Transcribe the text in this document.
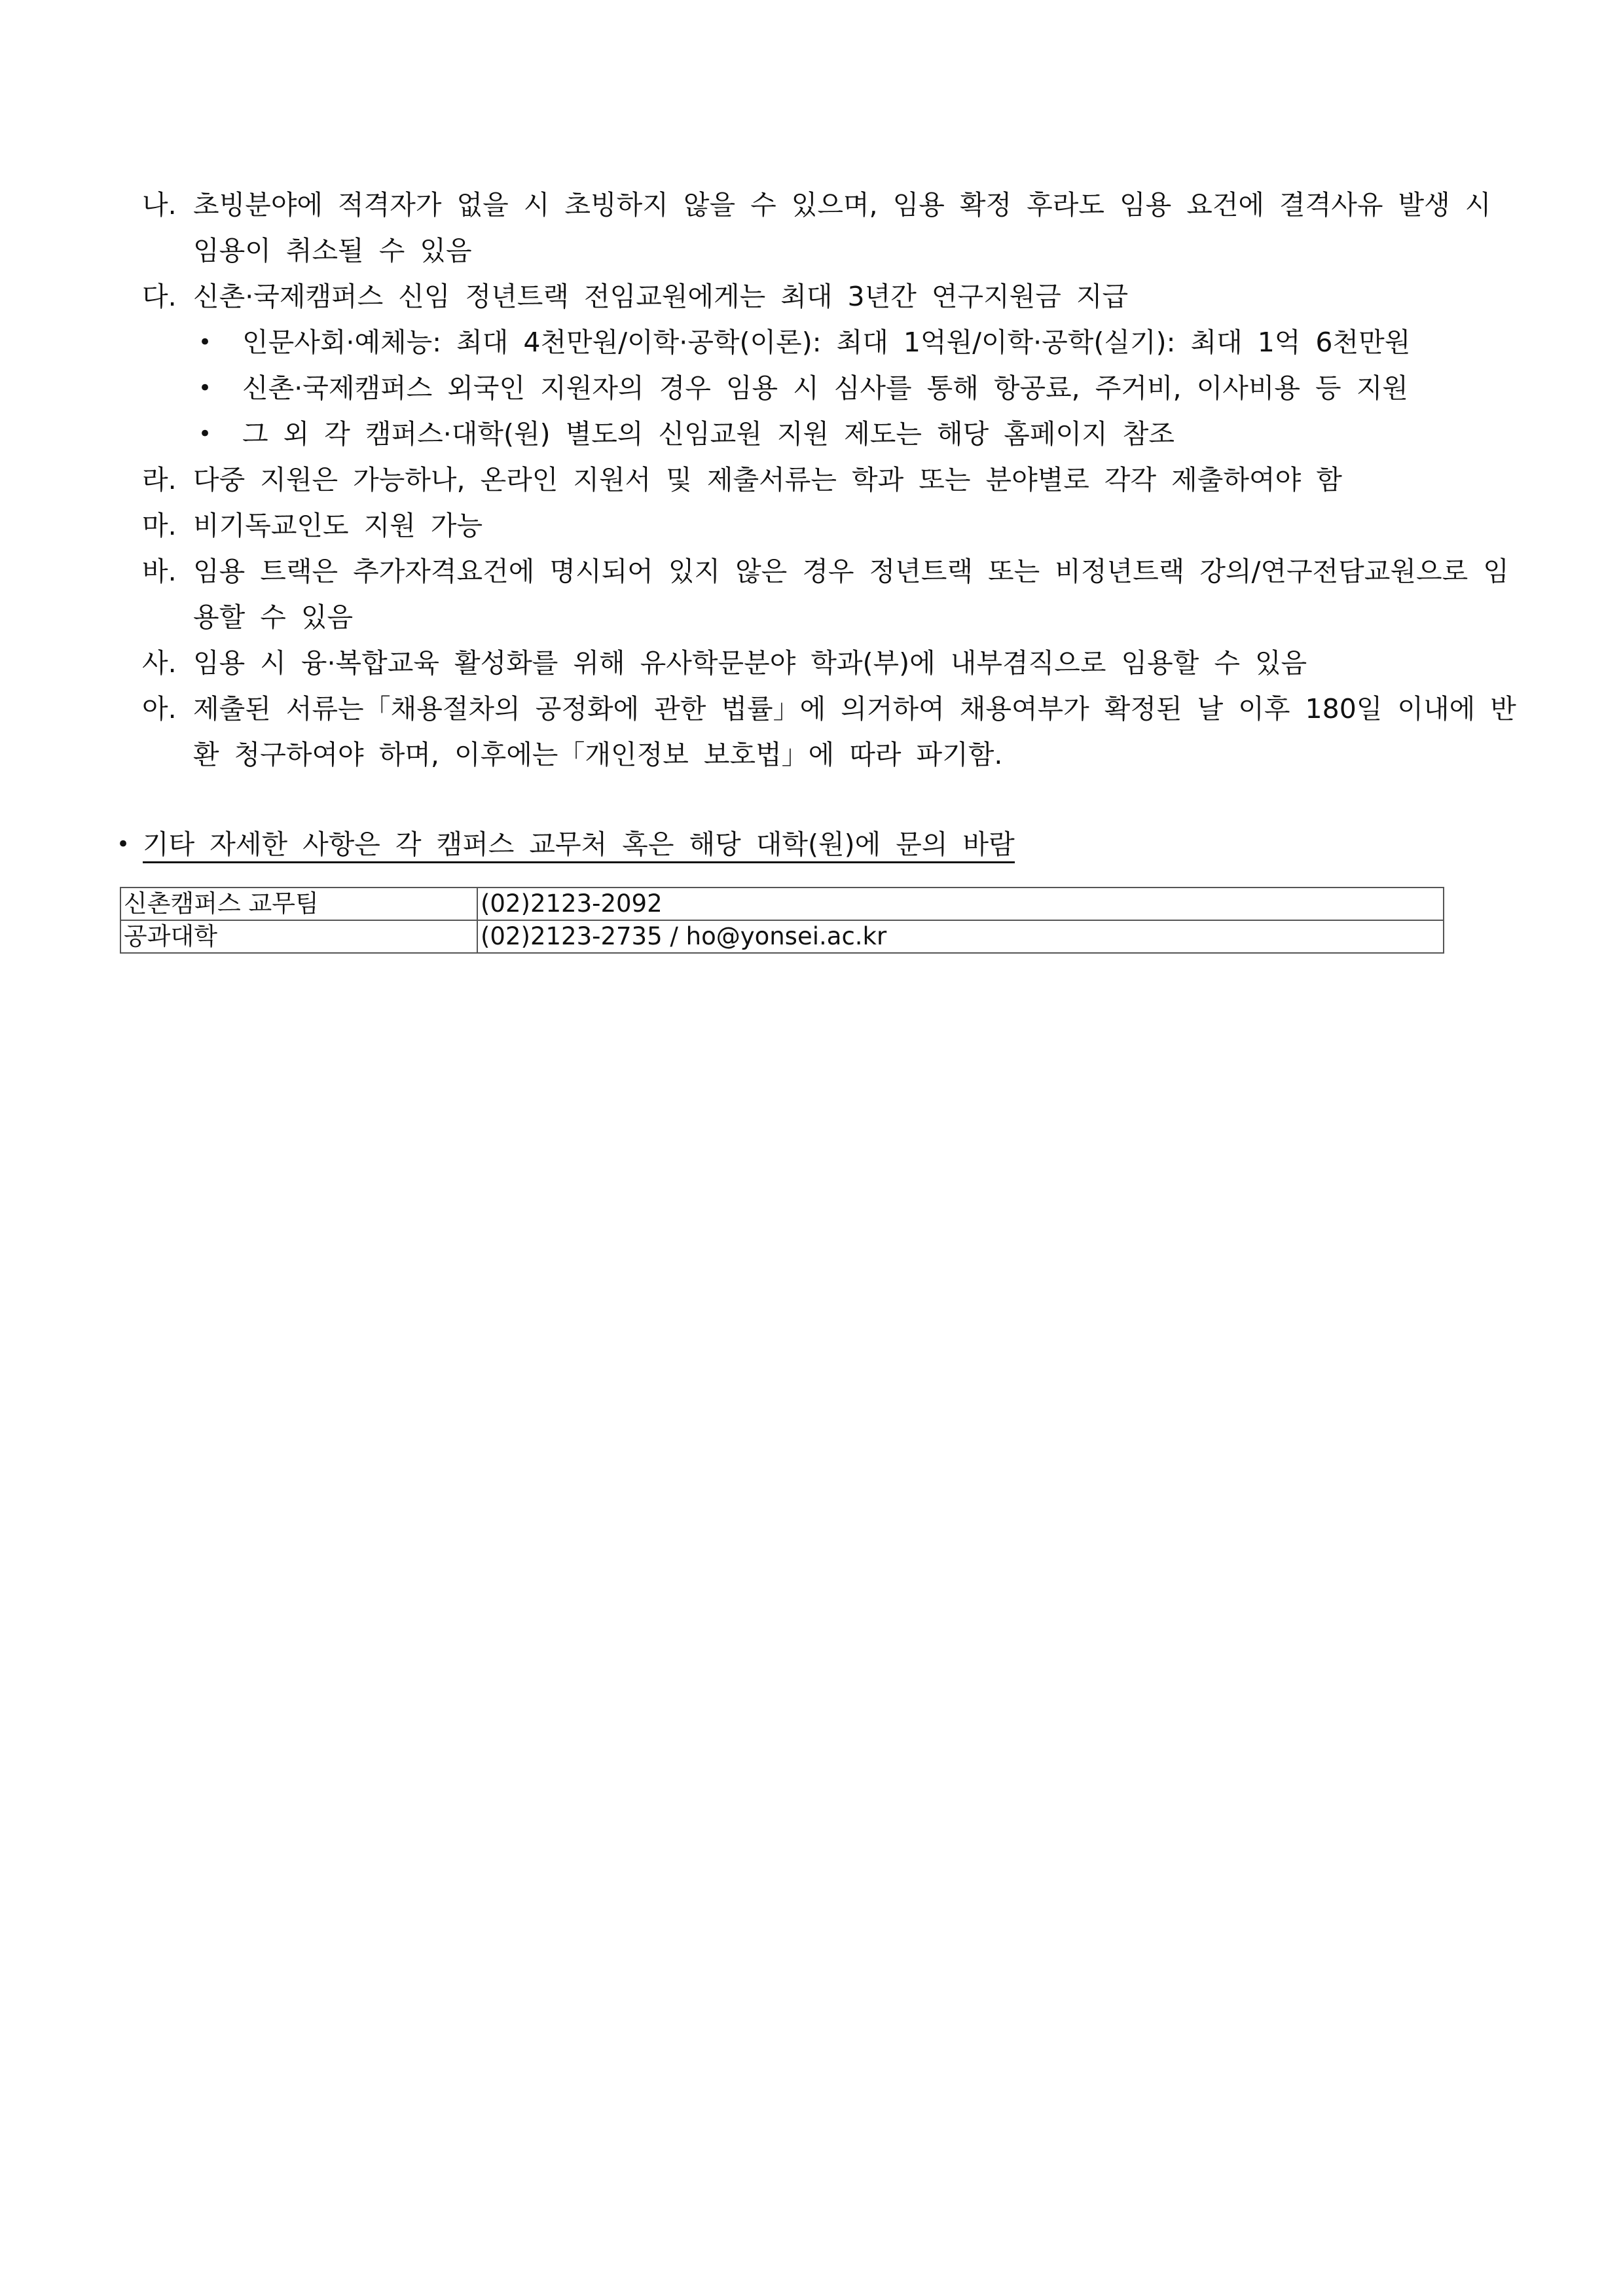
나. 초빙분야에 적격자가 없을 시 초빙하지 않을 수 있으며, 임용 확정 후라도 임용 요건에 결격사유 발생 시 임용이 취소될 수 있음
다. 신촌·국제캠퍼스 신임 정년트랙 전임교원에게는 최대 3년간 연구지원금 지급
• 인문사회·예체능: 최대 4천만원/이학·공학(이론): 최대 1억원/이학·공학(실기): 최대 1억 6천만원
• 신촌·국제캠퍼스 외국인 지원자의 경우 임용 시 심사를 통해 항공료, 주거비, 이사비용 등 지원
• 그 외 각 캠퍼스·대학(원) 별도의 신임교원 지원 제도는 해당 홈페이지 참조
라. 다중 지원은 가능하나, 온라인 지원서 및 제출서류는 학과 또는 분야별로 각각 제출하여야 함
마. 비기독교인도 지원 가능
바. 임용 트랙은 추가자격요건에 명시되어 있지 않은 경우 정년트랙 또는 비정년트랙 강의/연구전담교원으로 임용할 수 있음
사. 임용 시 융·복합교육 활성화를 위해 유사학문분야 학과(부)에 내부겸직으로 임용할 수 있음
아. 제출된 서류는「채용절차의 공정화에 관한 법률」에 의거하여 채용여부가 확정된 날 이후 180일 이내에 반환 청구하여야 하며, 이후에는「개인정보 보호법」에 따라 파기함.
• 기타 자세한 사항은 각 캠퍼스 교무처 혹은 해당 대학(원)에 문의 바람
신촌캠퍼스 교무팀	(02)2123-2092
공과대학	(02)2123-2735 / ho@yonsei.ac.kr
